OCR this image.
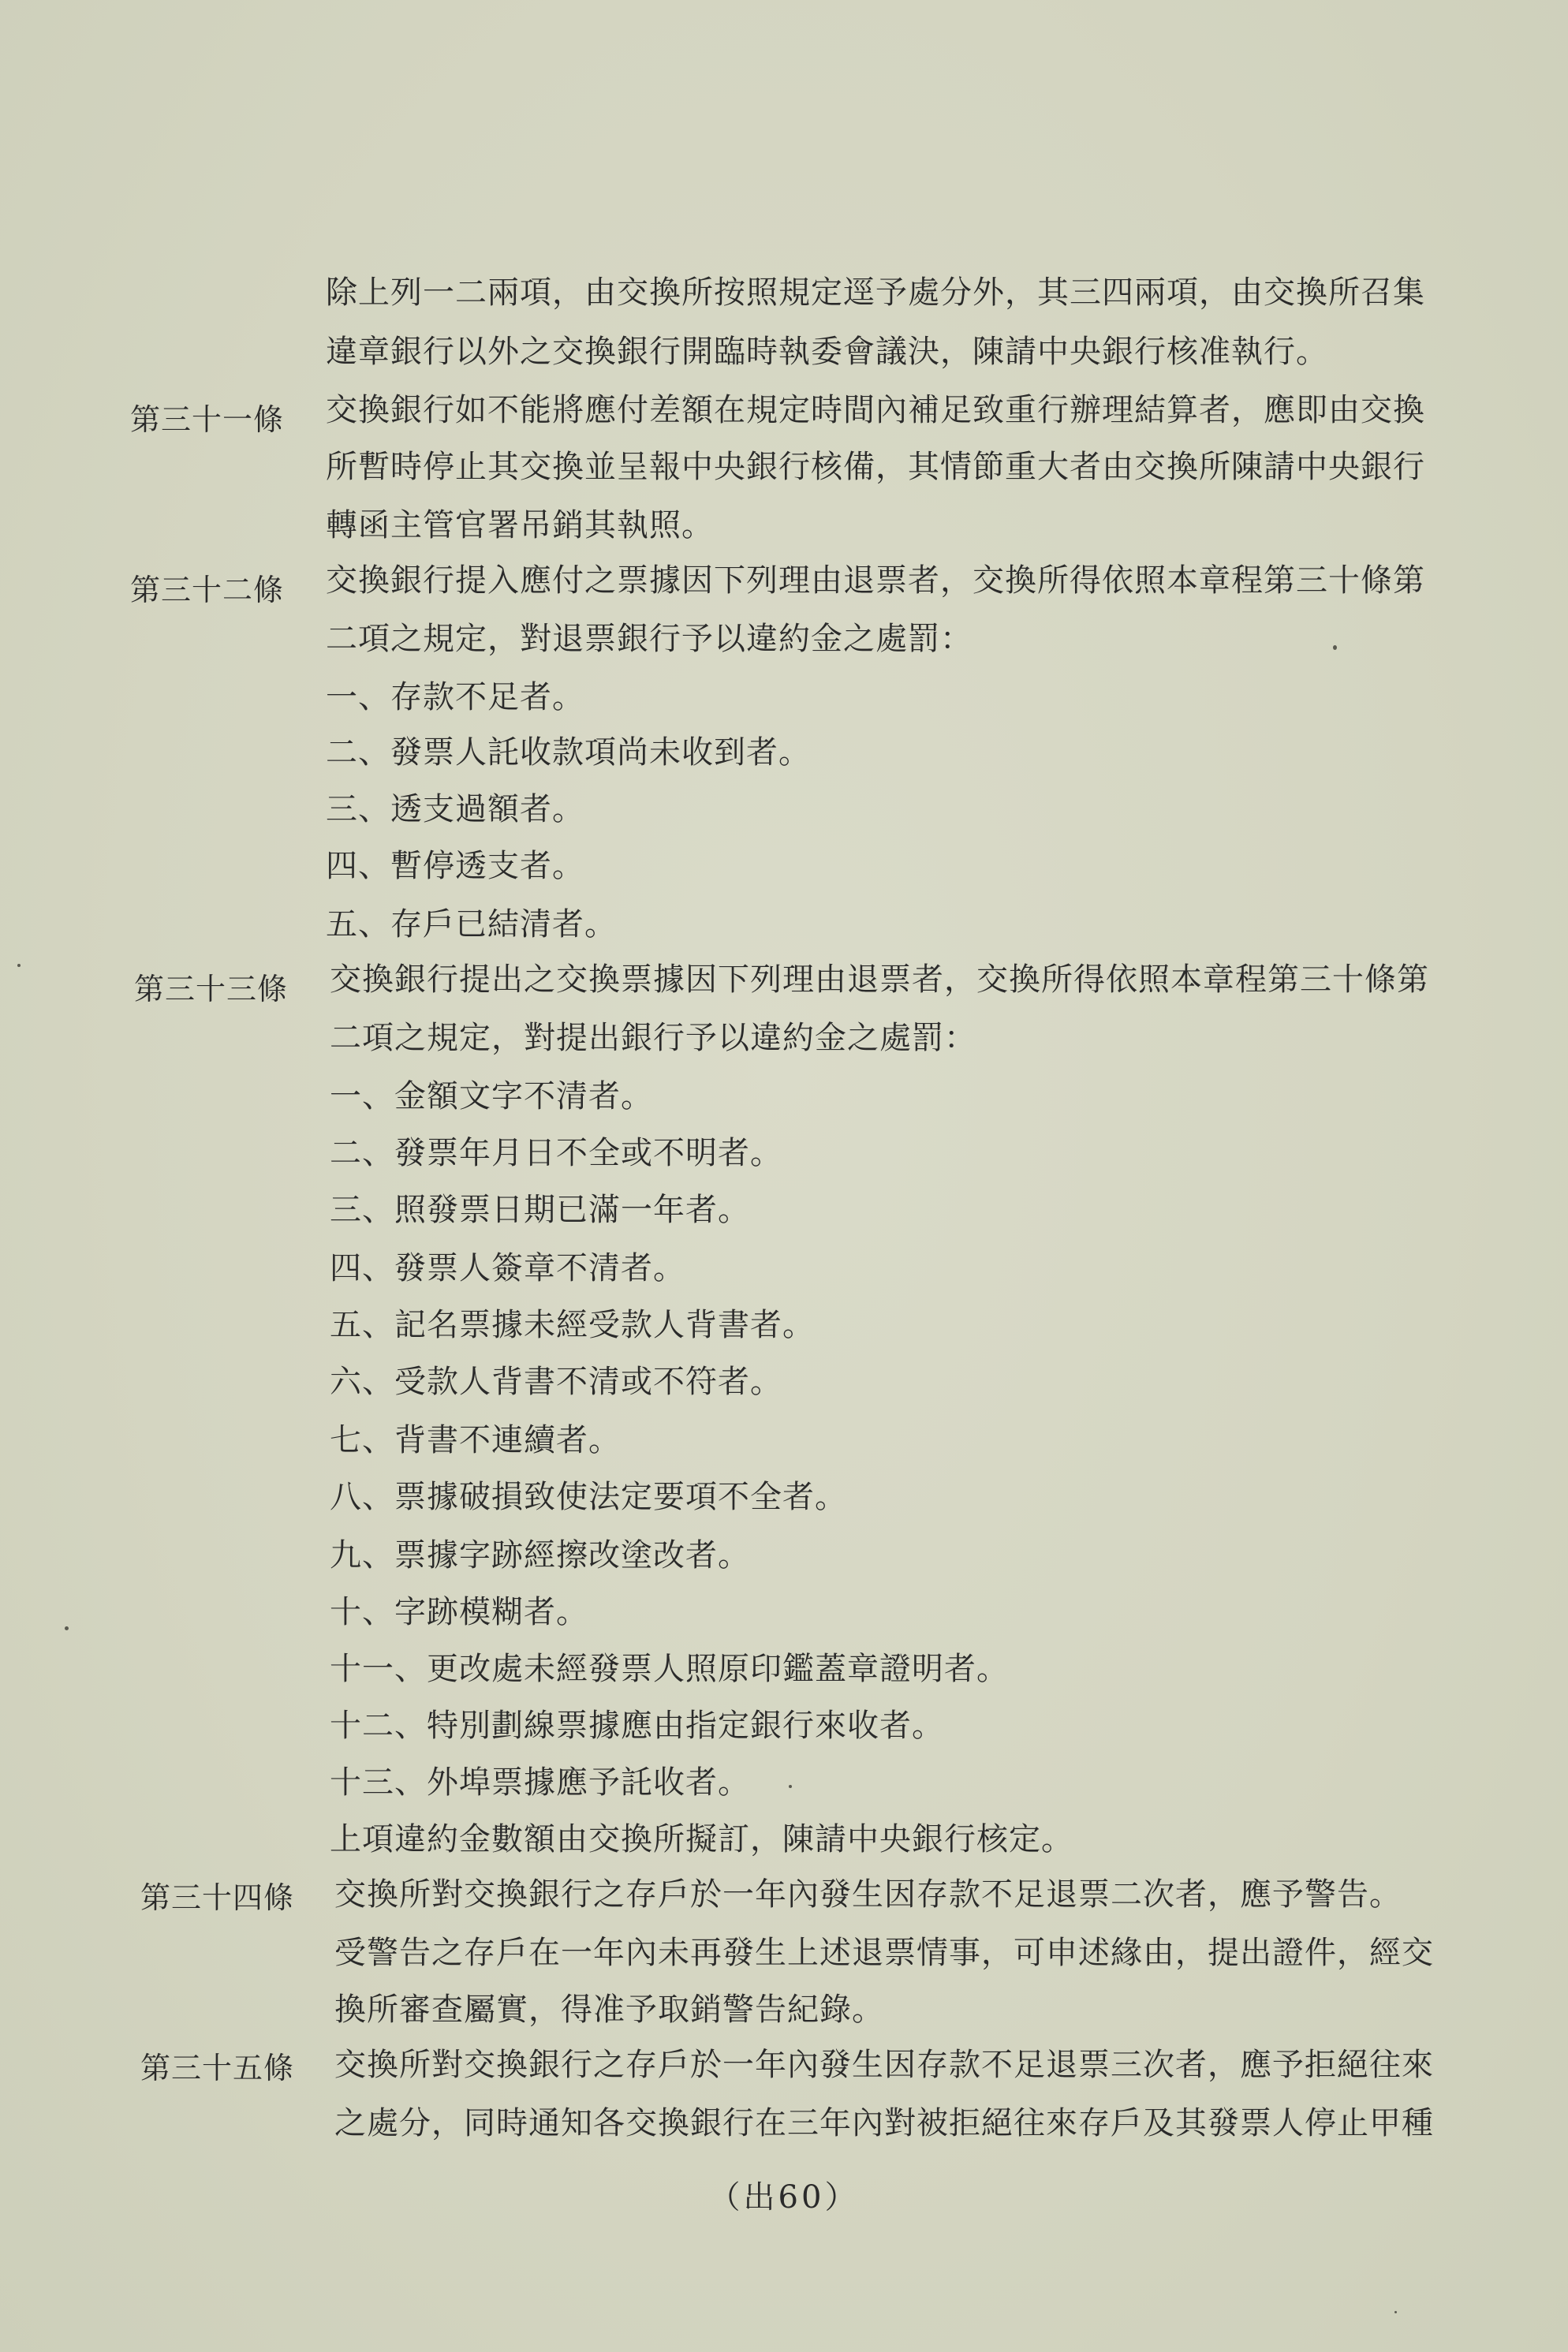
除上列一二兩項，由交換所按照規定逕予處分外，其三四兩項，由交換所召集
違章銀行以外之交換銀行開臨時執委會議決，陳請中央銀行核准執行。
第三十一條 交換銀行如不能將應付差額在規定時間內補足致重行辦理結算者，應即由交換
所暫時停止其交換並呈報中央銀行核備，其情節重大者由交換所陳請中央銀行
轉函主管官署吊銷其執照。
第三十二條 交換銀行提入應付之票據因下列理由退票者，交換所得依照本章程第三十條第
二項之規定，對退票銀行予以違約金之處罰：
一、存款不足者。
二、發票人託收款項尚未收到者。
三、透支過額者。
四、暫停透支者。
五、存戶已結清者。
第三十三條 交換銀行提出之交換票據因下列理由退票者，交換所得依照本章程第三十條第
二項之規定，對提出銀行予以違約金之處罰：
一、金額文字不清者。
二、發票年月日不全或不明者。
三、照發票日期已滿一年者。
四、發票人簽章不清者。
五、記名票據未經受款人背書者。
六、受款人背書不清或不符者。
七、背書不連續者。
八、票據破損致使法定要項不全者。
九、票據字跡經擦改塗改者。
十、字跡模糊者。
十一、更改處未經發票人照原印鑑蓋章證明者。
十二、特別劃線票據應由指定銀行來收者。
十三、外埠票據應予託收者。
上項違約金數額由交換所擬訂，陳請中央銀行核定。
第三十四條 交換所對交換銀行之存戶於一年內發生因存款不足退票二次者，應予警告。
受警告之存戶在一年內未再發生上述退票情事，可申述緣由，提出證件，經交
換所審查屬實，得准予取銷警告紀錄。
第三十五條 交換所對交換銀行之存戶於一年內發生因存款不足退票三次者，應予拒絕往來
之處分，同時通知各交換銀行在三年內對被拒絕往來存戶及其發票人停止甲種
（出60）
